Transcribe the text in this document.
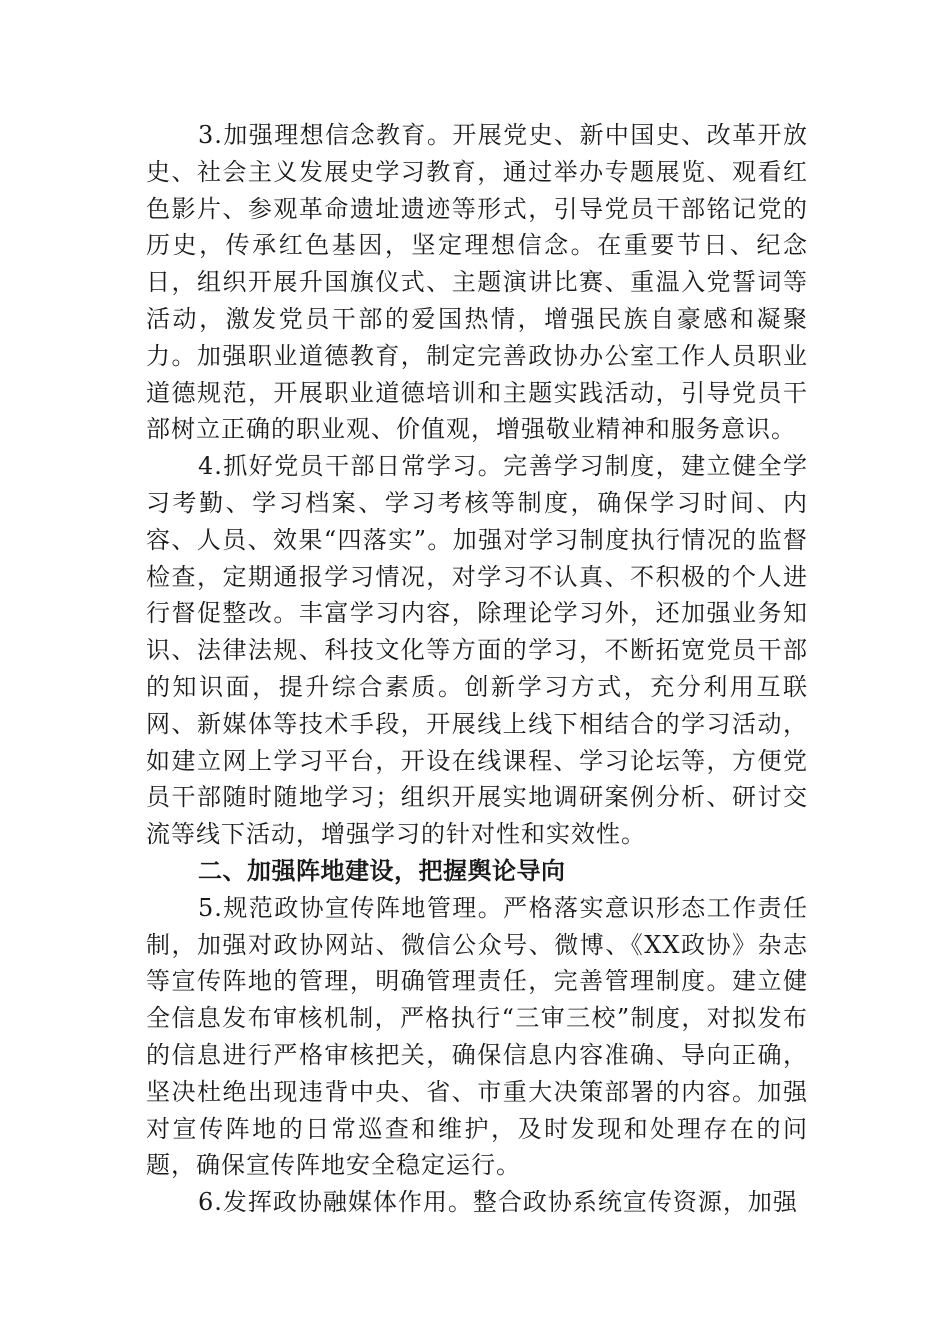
3.加强理想信念教育。开展党史、新中国史、改革开放史、社会主义发展史学习教育，通过举办专题展览、观看红色影片、参观革命遗址遗迹等形式，引导党员干部铭记党的历史，传承红色基因，坚定理想信念。在重要节日、纪念日，组织开展升国旗仪式、主题演讲比赛、重温入党誓词等活动，激发党员干部的爱国热情，增强民族自豪感和凝聚力。加强职业道德教育，制定完善政协办公室工作人员职业道德规范，开展职业道德培训和主题实践活动，引导党员干部树立正确的职业观、价值观，增强敬业精神和服务意识。

4.抓好党员干部日常学习。完善学习制度，建立健全学习考勤、学习档案、学习考核等制度，确保学习时间、内容、人员、效果“四落实”。加强对学习制度执行情况的监督检查，定期通报学习情况，对学习不认真、不积极的个人进行督促整改。丰富学习内容，除理论学习外，还加强业务知识、法律法规、科技文化等方面的学习，不断拓宽党员干部的知识面，提升综合素质。创新学习方式，充分利用互联网、新媒体等技术手段，开展线上线下相结合的学习活动，如建立网上学习平台，开设在线课程、学习论坛等，方便党员干部随时随地学习；组织开展实地调研案例分析、研讨交流等线下活动，增强学习的针对性和实效性。

二、加强阵地建设，把握舆论导向

5.规范政协宣传阵地管理。严格落实意识形态工作责任制，加强对政协网站、微信公众号、微博、《XX政协》杂志等宣传阵地的管理，明确管理责任，完善管理制度。建立健全信息发布审核机制，严格执行“三审三校”制度，对拟发布的信息进行严格审核把关，确保信息内容准确、导向正确，坚决杜绝出现违背中央、省、市重大决策部署的内容。加强对宣传阵地的日常巡查和维护，及时发现和处理存在的问题，确保宣传阵地安全稳定运行。

6.发挥政协融媒体作用。整合政协系统宣传资源，加强
